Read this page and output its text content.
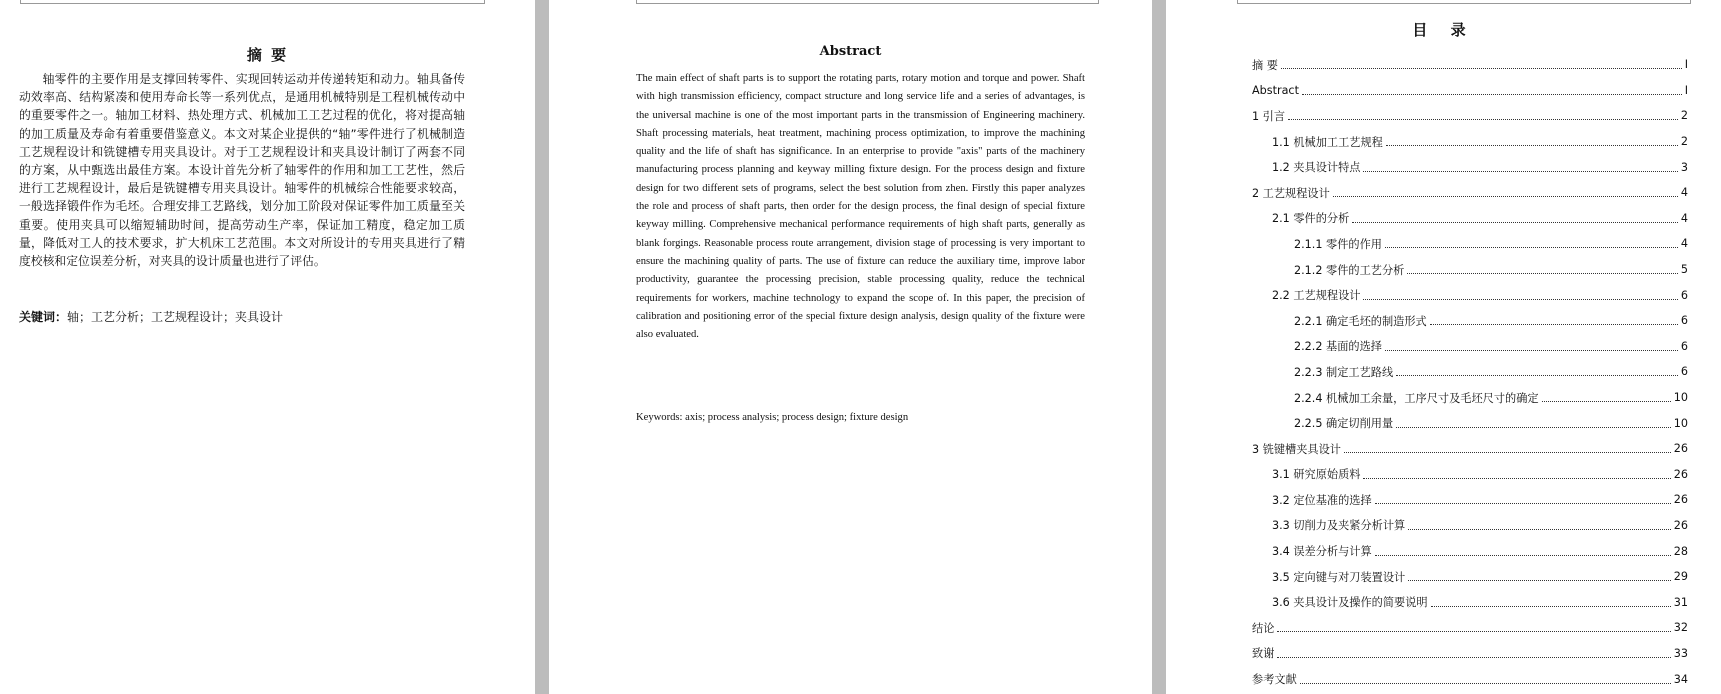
摘 要

轴零件的主要作用是支撑回转零件、实现回转运动并传递转矩和动力。轴具备传动效率高、结构紧凑和使用寿命长等一系列优点，是通用机械特别是工程机械传动中的重要零件之一。轴加工材料、热处理方式、机械加工工艺过程的优化，将对提高轴的加工质量及寿命有着重要借鉴意义。本文对某企业提供的“轴”零件进行了机械制造工艺规程设计和铣键槽专用夹具设计。对于工艺规程设计和夹具设计制订了两套不同的方案，从中甄选出最佳方案。本设计首先分析了轴零件的作用和加工工艺性，然后进行工艺规程设计，最后是铣键槽专用夹具设计。轴零件的机械综合性能要求较高，一般选择锻件作为毛坯。合理安排工艺路线，划分加工阶段对保证零件加工质量至关重要。使用夹具可以缩短辅助时间，提高劳动生产率，保证加工精度，稳定加工质量，降低对工人的技术要求，扩大机床工艺范围。本文对所设计的专用夹具进行了精度校核和定位误差分析，对夹具的设计质量也进行了评估。

关键词：轴；工艺分析；工艺规程设计；夹具设计
Abstract

The main effect of shaft parts is to support the rotating parts, rotary motion and torque and power. Shaft with high transmission efficiency, compact structure and long service life and a series of advantages, is the universal machine is one of the most important parts in the transmission of Engineering machinery. Shaft processing materials, heat treatment, machining process optimization, to improve the machining quality and the life of shaft has significance. In an enterprise to provide "axis" parts of the machinery manufacturing process planning and keyway milling fixture design. For the process design and fixture design for two different sets of programs, select the best solution from zhen. Firstly this paper analyzes the role and process of shaft parts, then order for the design process, the final design of special fixture keyway milling. Comprehensive mechanical performance requirements of high shaft parts, generally as blank forgings. Reasonable process route arrangement, division stage of processing is very important to ensure the machining quality of parts. The use of fixture can reduce the auxiliary time, improve labor productivity, guarantee the processing precision, stable processing quality, reduce the technical requirements for workers, machine technology to expand the scope of. In this paper, the precision of calibration and positioning error of the special fixture design analysis, design quality of the fixture were also evaluated.

Keywords: axis; process analysis; process design; fixture design
目 录
摘 要	I
Abstract	I
1 引言	2
1.1 机械加工工艺规程	2
1.2 夹具设计特点	3
2 工艺规程设计	4
2.1 零件的分析	4
2.1.1 零件的作用	4
2.1.2 零件的工艺分析	5
2.2 工艺规程设计	6
2.2.1 确定毛坯的制造形式	6
2.2.2 基面的选择	6
2.2.3 制定工艺路线	6
2.2.4 机械加工余量，工序尺寸及毛坯尺寸的确定	10
2.2.5 确定切削用量	10
3 铣键槽夹具设计	26
3.1 研究原始质料	26
3.2 定位基准的选择	26
3.3 切削力及夹紧分析计算	26
3.4 误差分析与计算	28
3.5 定向键与对刀装置设计	29
3.6 夹具设计及操作的简要说明	31
结论	32
致谢	33
参考文献	34
